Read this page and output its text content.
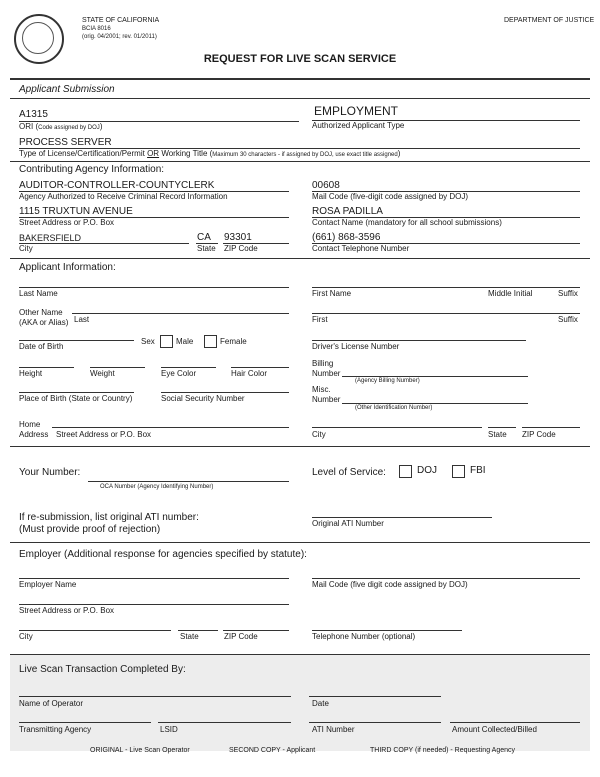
STATE OF CALIFORNIA
BCIA 8016
(orig. 04/2001; rev. 01/2011)
DEPARTMENT OF JUSTICE
REQUEST FOR LIVE SCAN SERVICE
Applicant Submission
A1315
ORI (Code assigned by DOJ)
EMPLOYMENT
Authorized Applicant Type
PROCESS SERVER
Type of License/Certification/Permit OR Working Title (Maximum 30 characters - if assigned by DOJ, use exact title assigned)
Contributing Agency Information:
AUDITOR-CONTROLLER-COUNTYCLERK
Agency Authorized to Receive Criminal Record Information
00608
Mail Code (five-digit code assigned by DOJ)
1115 TRUXTUN AVENUE
Street Address or P.O. Box
ROSA PADILLA
Contact Name (mandatory for all school submissions)
BAKERSFIELD	CA 93301
City	State ZIP Code
(661) 868-3596
Contact Telephone Number
Applicant Information:
Last Name	First Name	Middle Initial	Suffix
Other Name
(AKA or Alias) Last	First	Suffix
Sex	Male	Female
Date of Birth	Driver's License Number
Height	Weight	Eye Color	Hair Color
Billing
Number
(Agency Billing Number)
Place of Birth (State or Country)	Social Security Number
Misc.
Number
(Other Identification Number)
Home
Address Street Address or P.O. Box	City	State ZIP Code
Your Number:
OCA Number (Agency Identifying Number)
Level of Service:	DOJ	FBI
If re-submission, list original ATI number:
(Must provide proof of rejection)
Original ATI Number
Employer (Additional response for agencies specified by statute):
Employer Name	Mail Code (five digit code assigned by DOJ)
Street Address or P.O. Box
City	State	ZIP Code	Telephone Number (optional)
Live Scan Transaction Completed By:
Name of Operator	Date
Transmitting Agency	LSID	ATI Number	Amount Collected/Billed
ORIGINAL - Live Scan Operator	SECOND COPY - Applicant	THIRD COPY (if needed) - Requesting Agency
